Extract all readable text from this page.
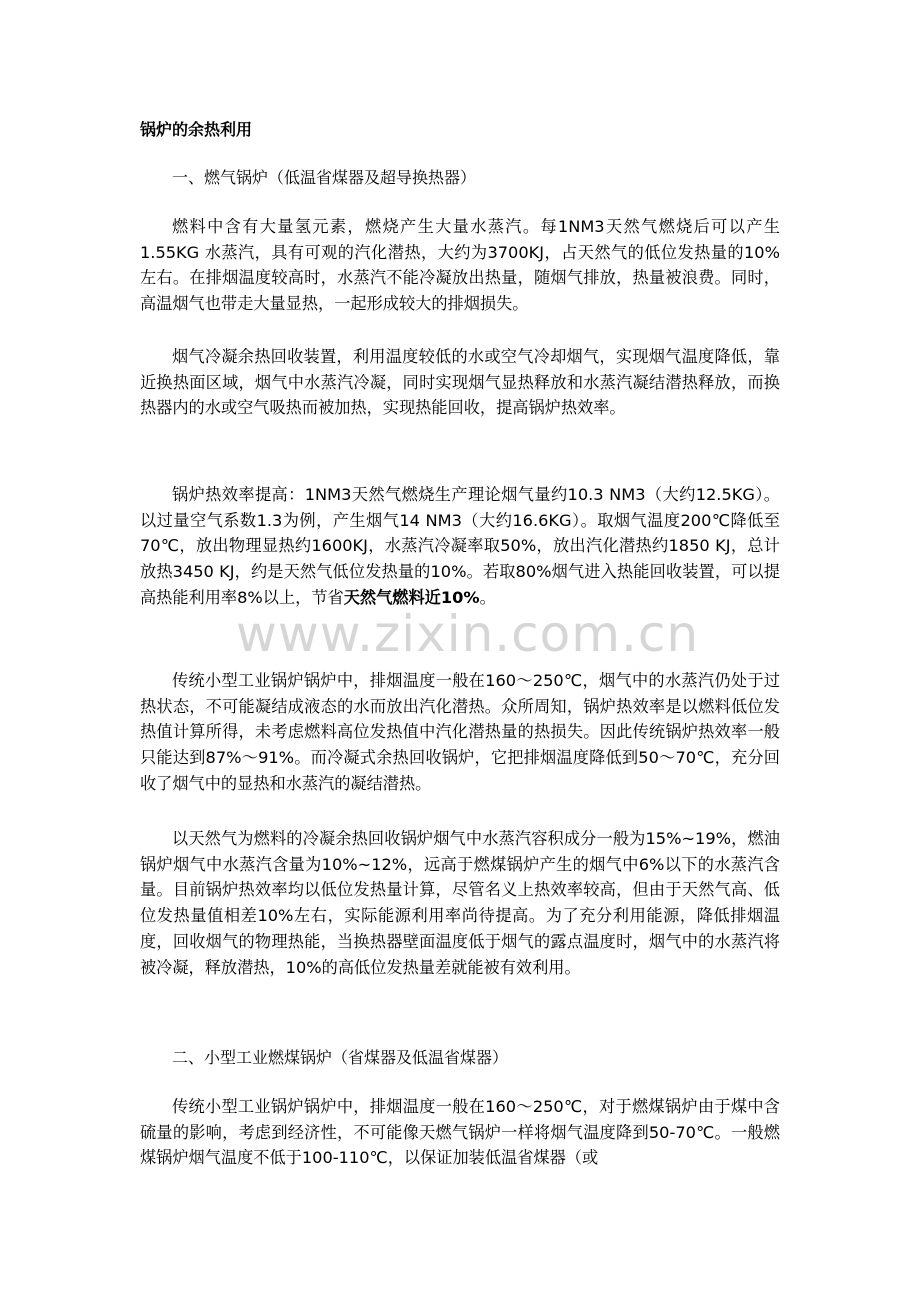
锅炉的余热利用
一、燃气锅炉（低温省煤器及超导换热器）

燃料中含有大量氢元素，燃烧产生大量水蒸汽。每1NM3天然气燃烧后可以产生1.55KG 水蒸汽，具有可观的汽化潜热，大约为3700KJ，占天然气的低位发热量的10%左右。在排烟温度较高时，水蒸汽不能冷凝放出热量，随烟气排放，热量被浪费。同时，高温烟气也带走大量显热，一起形成较大的排烟损失。

烟气冷凝余热回收装置，利用温度较低的水或空气冷却烟气，实现烟气温度降低，靠近换热面区域，烟气中水蒸汽冷凝，同时实现烟气显热释放和水蒸汽凝结潜热释放，而换热器内的水或空气吸热而被加热，实现热能回收，提高锅炉热效率。

锅炉热效率提高：1NM3天然气燃烧生产理论烟气量约10.3 NM3（大约12.5KG）。以过量空气系数1.3为例，产生烟气14 NM3（大约16.6KG）。取烟气温度200℃降低至70℃，放出物理显热约1600KJ，水蒸汽冷凝率取50%，放出汽化潜热约1850 KJ，总计放热3450 KJ，约是天然气低位发热量的10%。若取80%烟气进入热能回收装置，可以提高热能利用率8%以上，节省天然气燃料近10%。

传统小型工业锅炉锅炉中，排烟温度一般在160～250℃，烟气中的水蒸汽仍处于过热状态，不可能凝结成液态的水而放出汽化潜热。众所周知，锅炉热效率是以燃料低位发热值计算所得，未考虑燃料高位发热值中汽化潜热量的热损失。因此传统锅炉热效率一般只能达到87%～91%。而冷凝式余热回收锅炉，它把排烟温度降低到50～70℃，充分回收了烟气中的显热和水蒸汽的凝结潜热。

以天然气为燃料的冷凝余热回收锅炉烟气中水蒸汽容积成分一般为15%~19%，燃油锅炉烟气中水蒸汽含量为10%~12%，远高于燃煤锅炉产生的烟气中6%以下的水蒸汽含量。目前锅炉热效率均以低位发热量计算，尽管名义上热效率较高，但由于天然气高、低位发热量值相差10%左右，实际能源利用率尚待提高。为了充分利用能源，降低排烟温度，回收烟气的物理热能，当换热器壁面温度低于烟气的露点温度时，烟气中的水蒸汽将被冷凝，释放潜热，10%的高低位发热量差就能被有效利用。

二、小型工业燃煤锅炉（省煤器及低温省煤器）

传统小型工业锅炉锅炉中，排烟温度一般在160～250℃，对于燃煤锅炉由于煤中含硫量的影响，考虑到经济性，不可能像天燃气锅炉一样将烟气温度降到50-70℃。一般燃煤锅炉烟气温度不低于100-110℃，以保证加装低温省煤器（或

www.zixin.com.cn
